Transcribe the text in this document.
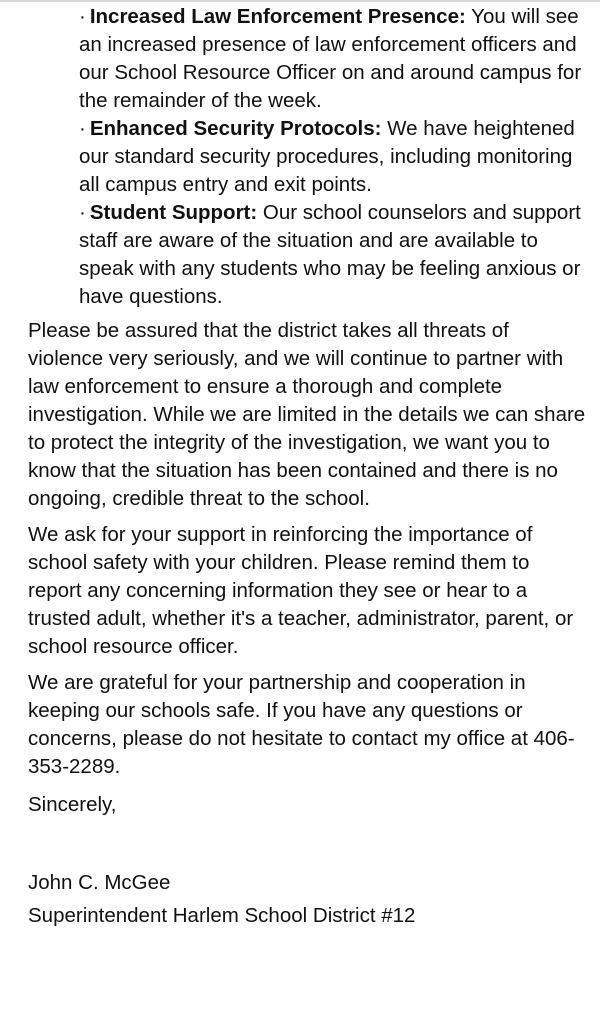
· Increased Law Enforcement Presence: You will see an increased presence of law enforcement officers and our School Resource Officer on and around campus for the remainder of the week.
· Enhanced Security Protocols: We have heightened our standard security procedures, including monitoring all campus entry and exit points.
· Student Support: Our school counselors and support staff are aware of the situation and are available to speak with any students who may be feeling anxious or have questions.

Please be assured that the district takes all threats of violence very seriously, and we will continue to partner with law enforcement to ensure a thorough and complete investigation. While we are limited in the details we can share to protect the integrity of the investigation, we want you to know that the situation has been contained and there is no ongoing, credible threat to the school.

We ask for your support in reinforcing the importance of school safety with your children. Please remind them to report any concerning information they see or hear to a trusted adult, whether it's a teacher, administrator, parent, or school resource officer.

We are grateful for your partnership and cooperation in keeping our schools safe. If you have any questions or concerns, please do not hesitate to contact my office at 406-353-2289.

Sincerely,
John C. McGee
Superintendent Harlem School District #12
